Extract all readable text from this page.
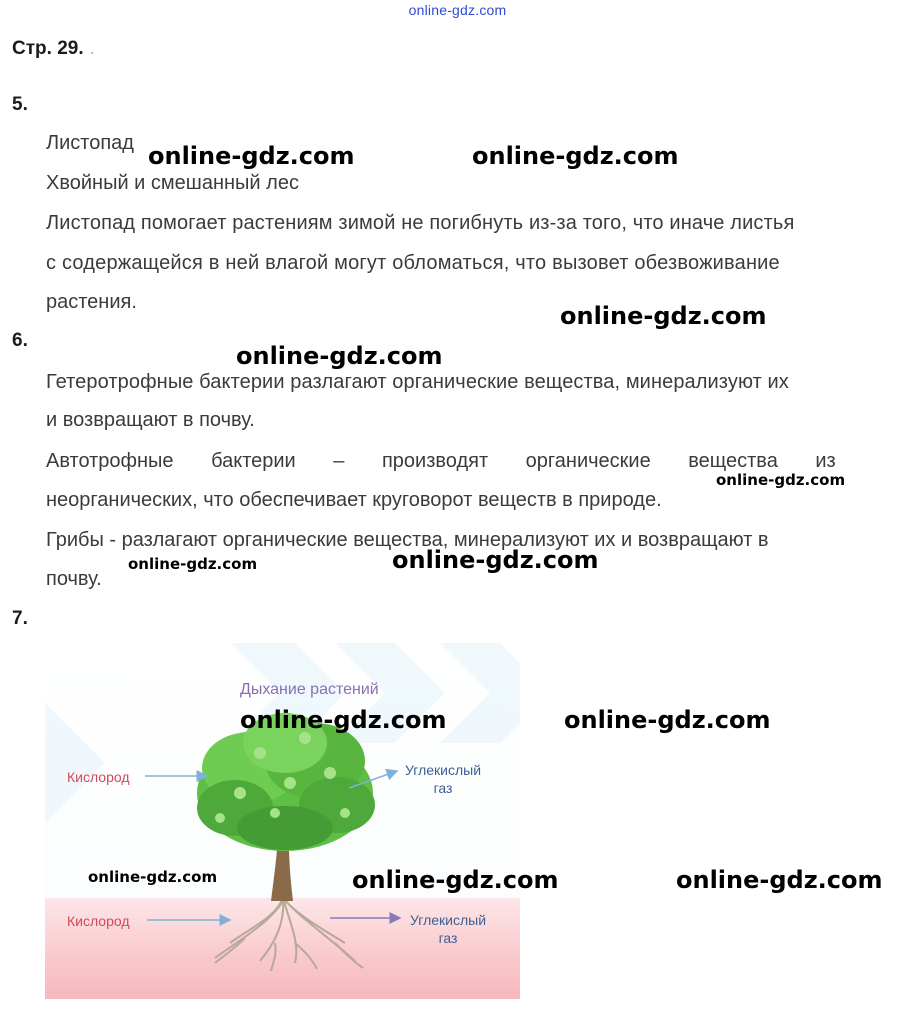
online-gdz.com
Стр. 29. .
5.
Листопад
Хвойный и смешанный лес
Листопад помогает растениям зимой не погибнуть из-за того, что иначе листья
с содержащейся в ней влагой могут обломаться, что вызовет обезвоживание
растения.
6.
Гетеротрофные бактерии разлагают органические вещества, минерализуют их
и возвращают в почву.
Автотрофные бактерии – производят органические вещества из
неорганических, что обеспечивает круговорот веществ в природе.
Грибы - разлагают органические вещества, минерализуют их и возвращают в
почву.
7.
Дыхание растений
Кислород	Углекислый
газ
Кислород	Углекислый
газ
online-gdz.com	online-gdz.com
online-gdz.com
online-gdz.com
online-gdz.com
online-gdz.com
online-gdz.com
online-gdz.com	online-gdz.com
online-gdz.com	online-gdz.com	online-gdz.com
